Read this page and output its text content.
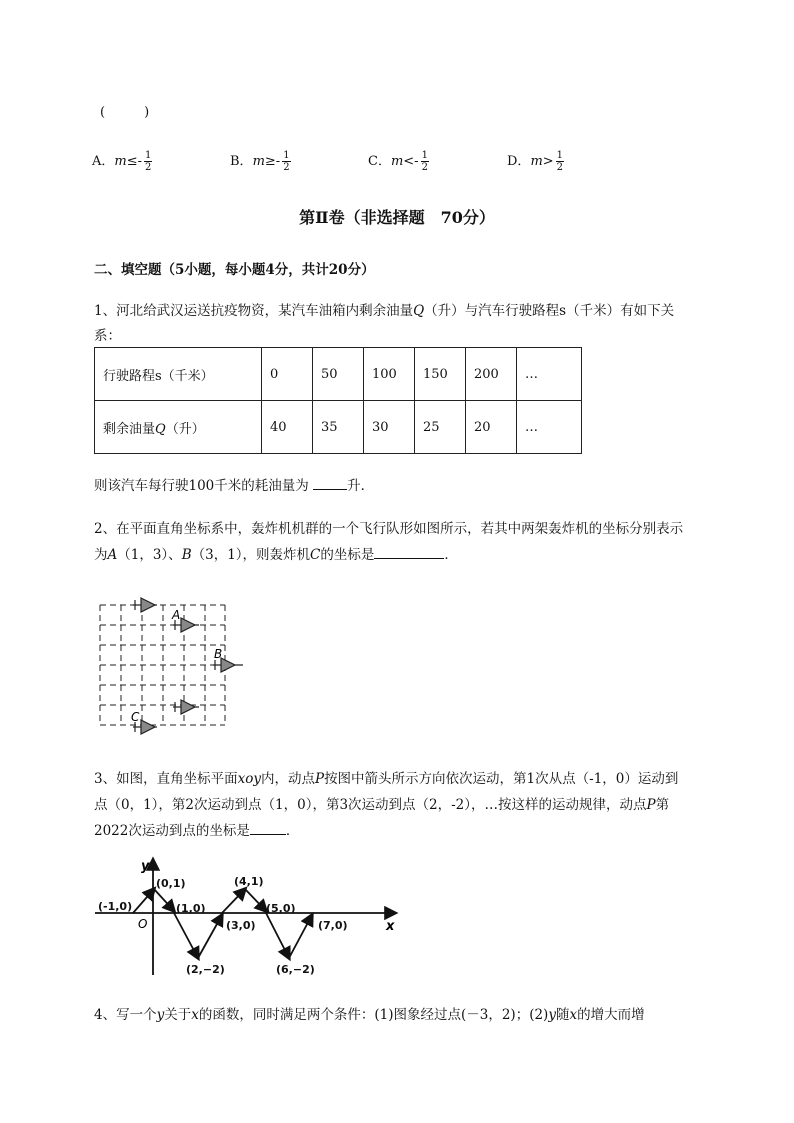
(　　　)
A．$m\le- \frac{1}{2}$	B．$m\ge- \frac{1}{2}$	C．$m<- \frac{1}{2}$	D．$m> \frac{1}{2}$
第Ⅱ卷（非选择题　70分）
二、填空题（5小题，每小题4分，共计20分）
1、河北给武汉运送抗疫物资，某汽车油箱内剩余油量Q（升）与汽车行驶路程s（千米）有如下关
系：
行驶路程s（千米）	0	50	100	150	200	…
剩余油量Q（升）	40	35	30	25	20	…
则该汽车每行驶100千米的耗油量为	升．
2、在平面直角坐标系中，轰炸机机群的一个飞行队形如图所示，若其中两架轰炸机的坐标分别表示
为A（1，3）、B（3，1），则轰炸机C的坐标是	．
A
B
C
3、如图，直角坐标平面xoy内，动点P按图中箭头所示方向依次运动，第1次从点（-1，0）运动到
点（0，1），第2次运动到点（1，0），第3次运动到点（2，-2），…按这样的运动规律，动点P第
2022次运动到点的坐标是	．
y
x
O
(-1,0)
(0,1)
(1,0)
(2,−2)
(3,0)
(4,1)
(5,0)
(6,−2)
(7,0)
4、写一个y关于x的函数，同时满足两个条件：(1)图象经过点(－3，2)；(2)y随x的增大而增
